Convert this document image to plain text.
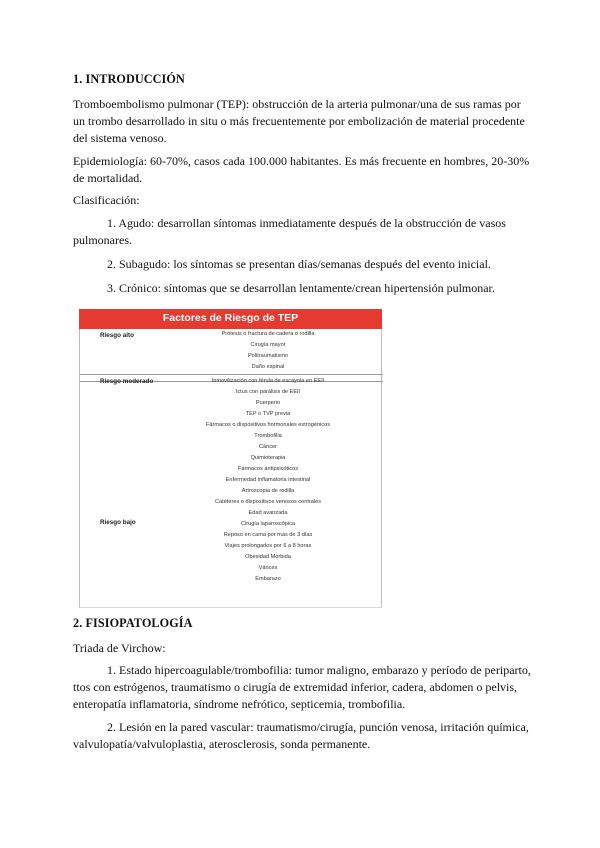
1. INTRODUCCIÓN
Tromboembolismo pulmonar (TEP): obstrucción de la arteria pulmonar/una de sus ramas por un trombo desarrollado in situ o más frecuentemente por embolización de material procedente del sistema venoso.
Epidemiología: 60-70%, casos cada 100.000 habitantes. Es más frecuente en hombres, 20-30% de mortalidad.
Clasificación:
1. Agudo: desarrollan síntomas inmediatamente después de la obstrucción de vasos pulmonares.
2. Subagudo: los síntomas se presentan días/semanas después del evento inicial.
3. Crónico: síntomas que se desarrollan lentamente/crean hipertensión pulmonar.
Factores de Riesgo de TEP
Riesgo alto
Riesgo moderado
Riesgo bajo
Prótesis o fractura de cadera o rodilla
Cirugía mayor
Politraumatismo
Daño espinal
Inmovilización con férula de escayola en EEII
Ictus con parálisis de EEII
Puerperio
TEP o TVP previa
Fármacos o dispositivos hormonales estrogénicos
Trombofilia
Cáncer
Quimioterapia
Fármacos antipsicóticos
Enfermedad inflamatoria intestinal
Artroscopia de rodilla
Catéteres o dispositivos venosos centrales
Edad avanzada
Cirugía laparoscópica
Reposo en cama por más de 3 días
Viajes prolongados por 6 a 8 horas
Obesidad Mórbida
Várices
Embarazo
2. FISIOPATOLOGÍA
Triada de Virchow:
1. Estado hipercoagulable/trombofilia: tumor maligno, embarazo y período de periparto, ttos con estrógenos, traumatismo o cirugía de extremidad inferior, cadera, abdomen o pelvis, enteropatía inflamatoria, síndrome nefrótico, septicemia, trombofilia.
2. Lesión en la pared vascular: traumatismo/cirugía, punción venosa, irritación química, valvulopatía/valvuloplastia, aterosclerosis, sonda permanente.
